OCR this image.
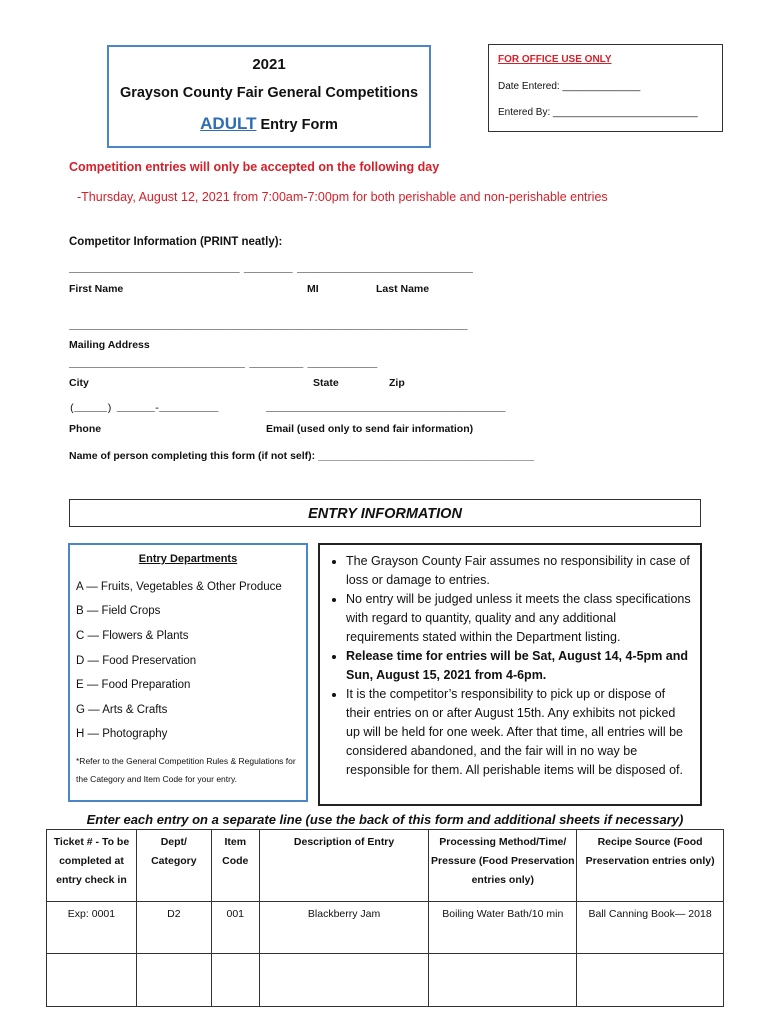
2021
Grayson County Fair General Competitions
ADULT Entry Form
FOR OFFICE USE ONLY
Date Entered: ______________
Entered By: __________________________
Competition entries will only be accepted on the following day
-Thursday, August 12, 2021 from 7:00am-7:00pm for both perishable and non-perishable entries
Competitor Information (PRINT neatly):
________________________________ _________ _________________________________
First Name	MI	Last Name
___________________________________________________________________________
Mailing Address
_________________________________ __________ _____________
City	State	Zip
(______) _______-___________	_____________________________________________
Phone	Email (used only to send fair information)
Name of person completing this form (if not self): _____________________________________
ENTRY INFORMATION
Entry Departments
A — Fruits, Vegetables & Other Produce
B — Field Crops
C — Flowers & Plants
D — Food Preservation
E — Food Preparation
G — Arts & Crafts
H — Photography
*Refer to the General Competition Rules & Regulations for the Category and Item Code for your entry.
• The Grayson County Fair assumes no responsibility in case of loss or damage to entries.
• No entry will be judged unless it meets the class specifications with regard to quantity, quality and any additional requirements stated within the Department listing.
• Release time for entries will be Sat, August 14, 4-5pm and Sun, August 15, 2021 from 4-6pm.
• It is the competitor’s responsibility to pick up or dispose of their entries on or after August 15th. Any exhibits not picked up will be held for one week. After that time, all entries will be considered abandoned, and the fair will in no way be responsible for them. All perishable items will be disposed of.
Enter each entry on a separate line (use the back of this form and additional sheets if necessary)
Ticket # - To be completed at entry check in	Dept/ Category	Item Code	Description of Entry	Processing Method/Time/ Pressure (Food Preservation entries only)	Recipe Source (Food Preservation entries only)
Exp: 0001	D2	001	Blackberry Jam	Boiling Water Bath/10 min	Ball Canning Book— 2018
